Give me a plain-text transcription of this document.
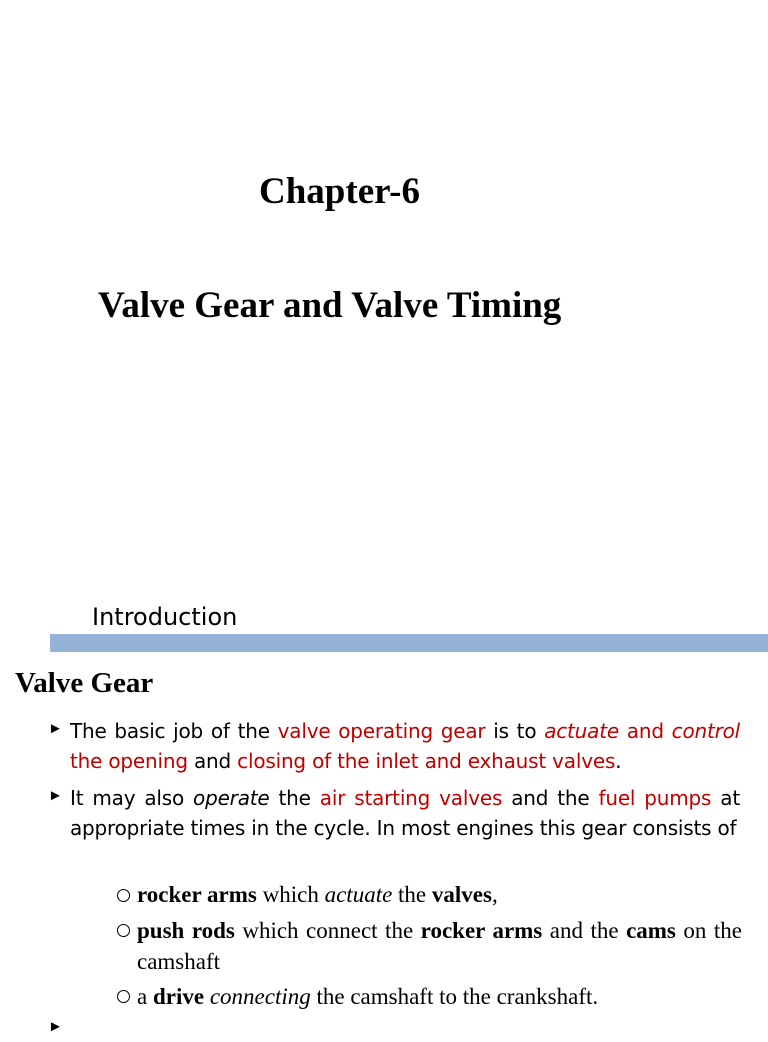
Chapter-6
Valve Gear and Valve Timing
Introduction
Valve Gear
► The basic job of the valve operating gear is to actuate and control the opening and closing of the inlet and exhaust valves.
► It may also operate the air starting valves and the fuel pumps at appropriate times in the cycle. In most engines this gear consists of
rocker arms which actuate the valves,
push rods which connect the rocker arms and the cams on the camshaft
a drive connecting the camshaft to the crankshaft.
►
